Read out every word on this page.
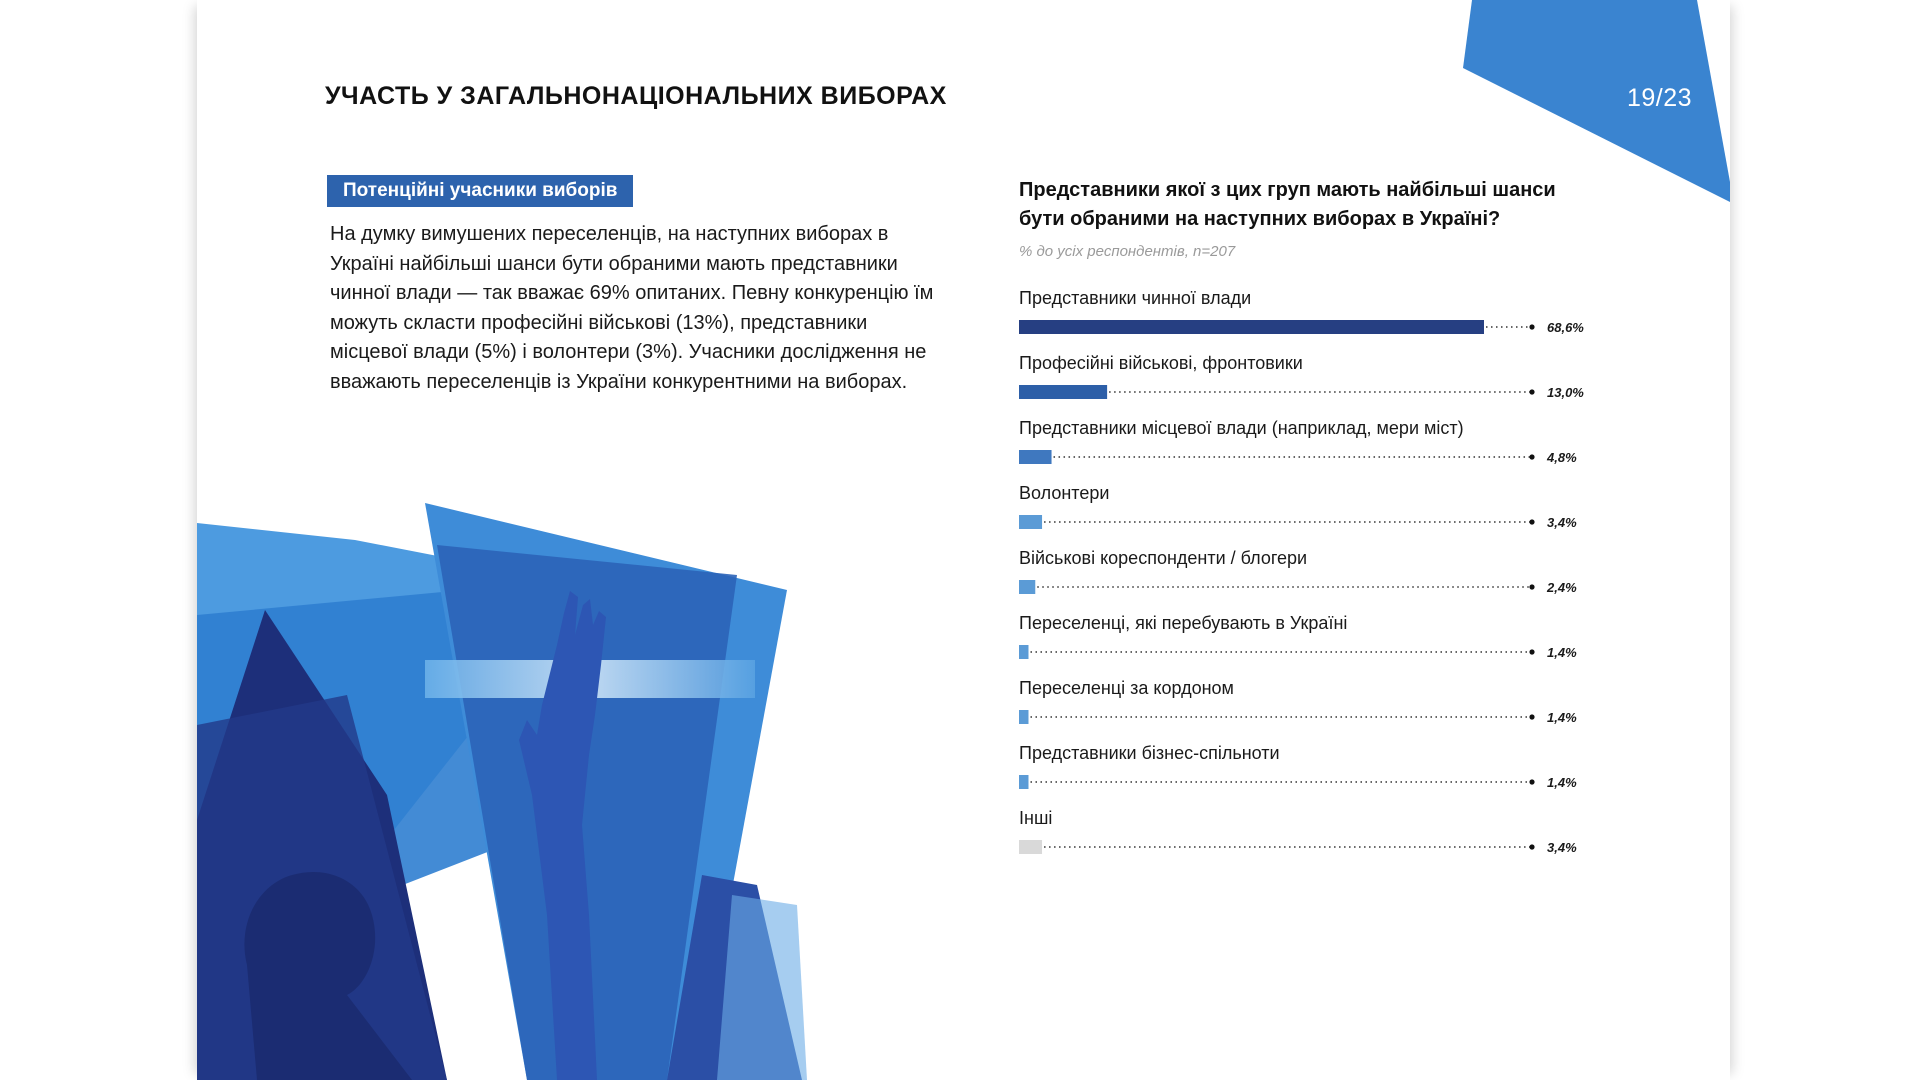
УЧАСТЬ У ЗАГАЛЬНОНАЦІОНАЛЬНИХ ВИБОРАХ	19/23
Потенційні учасники виборів
На думку вимушених переселенців, на наступних виборах в Україні найбільші шанси бути обраними мають представники чинної влади — так вважає 69% опитаних. Певну конкуренцію їм можуть скласти професійні військові (13%), представники місцевої влади (5%) і волонтери (3%). Учасники дослідження не вважають переселенців із України конкурентними на виборах.
Представники якої з цих груп мають найбільші шанси бути обраними на наступних виборах в Україні?
% до усіх респондентів, n=207
Представники чинної влади
68,6%
Професійні військові, фронтовики
13,0%
Представники місцевої влади (наприклад, мери міст)
4,8%
Волонтери
3,4%
Військові кореспонденти / блогери
2,4%
Переселенці, які перебувають в Україні
1,4%
Переселенці за кордоном
1,4%
Представники бізнес-спільноти
1,4%
Інші
3,4%
